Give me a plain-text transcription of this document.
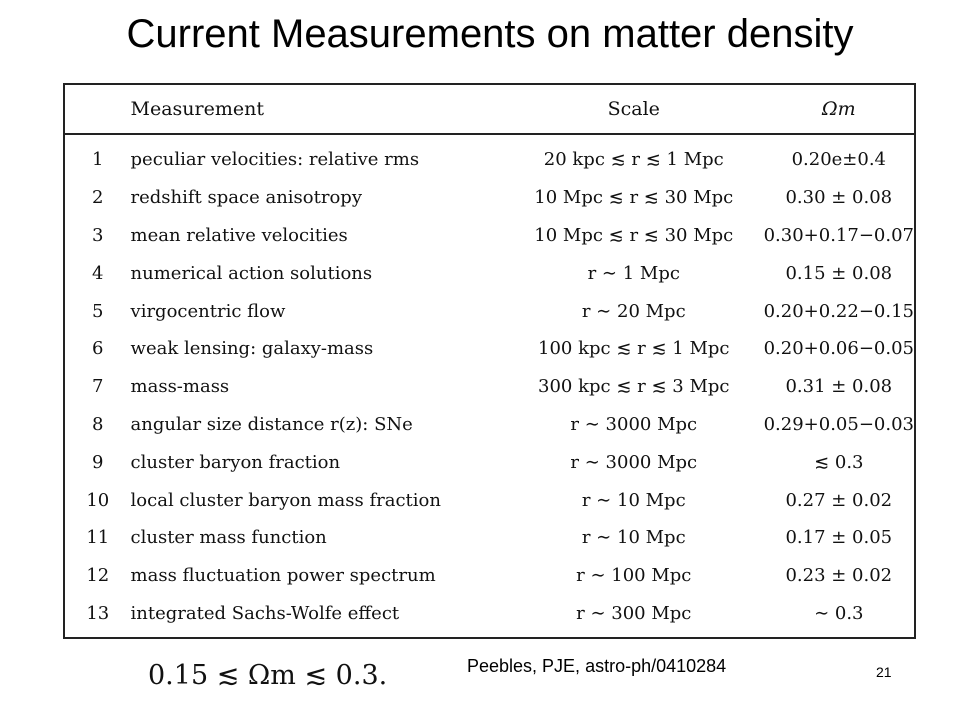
Current Measurements on matter density
	Measurement	Scale	Ωm
1	peculiar velocities: relative rms	20 kpc ≲ r ≲ 1 Mpc	0.20e±0.4
2	redshift space anisotropy	10 Mpc ≲ r ≲ 30 Mpc	0.30 ± 0.08
3	mean relative velocities	10 Mpc ≲ r ≲ 30 Mpc	0.30+0.17−0.07
4	numerical action solutions	r ∼ 1 Mpc	0.15 ± 0.08
5	virgocentric flow	r ∼ 20 Mpc	0.20+0.22−0.15
6	weak lensing: galaxy-mass	100 kpc ≲ r ≲ 1 Mpc	0.20+0.06−0.05
7	mass-mass	300 kpc ≲ r ≲ 3 Mpc	0.31 ± 0.08
8	angular size distance r(z): SNe	r ∼ 3000 Mpc	0.29+0.05−0.03
9	cluster baryon fraction	r ∼ 3000 Mpc	≲ 0.3
10	local cluster baryon mass fraction	r ∼ 10 Mpc	0.27 ± 0.02
11	cluster mass function	r ∼ 10 Mpc	0.17 ± 0.05
12	mass fluctuation power spectrum	r ∼ 100 Mpc	0.23 ± 0.02
13	integrated Sachs-Wolfe effect	r ∼ 300 Mpc	∼ 0.3
0.15 ≲ Ωm ≲ 0.3.	Peebles, PJE, astro-ph/0410284	21
